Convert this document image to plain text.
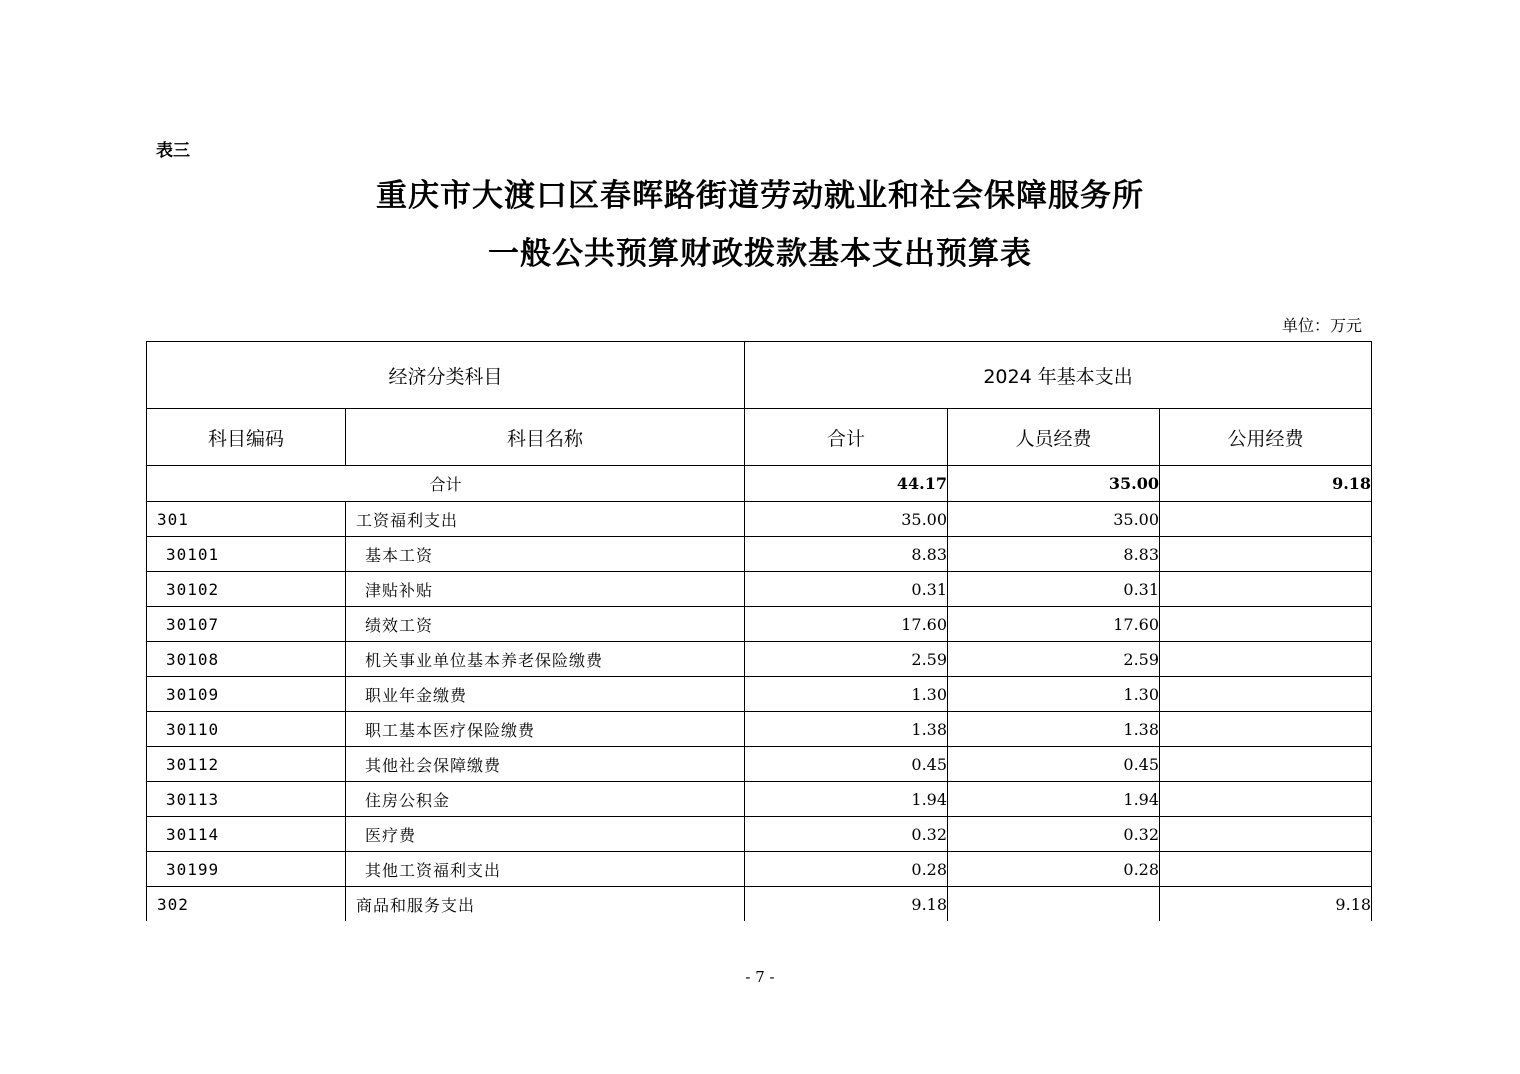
表三
重庆市大渡口区春晖路街道劳动就业和社会保障服务所
一般公共预算财政拨款基本支出预算表
单位：万元
经济分类科目		2024 年基本支出		
科目编码	科目名称	合计	人员经费	公用经费
合计		44.17	35.00	9.18
301	工资福利支出	35.00	35.00	
30101	基本工资	8.83	8.83	
30102	津贴补贴	0.31	0.31	
30107	绩效工资	17.60	17.60	
30108	机关事业单位基本养老保险缴费	2.59	2.59	
30109	职业年金缴费	1.30	1.30	
30110	职工基本医疗保险缴费	1.38	1.38	
30112	其他社会保障缴费	0.45	0.45	
30113	住房公积金	1.94	1.94	
30114	医疗费	0.32	0.32	
30199	其他工资福利支出	0.28	0.28	
302	商品和服务支出	9.18		9.18
- 7 -
